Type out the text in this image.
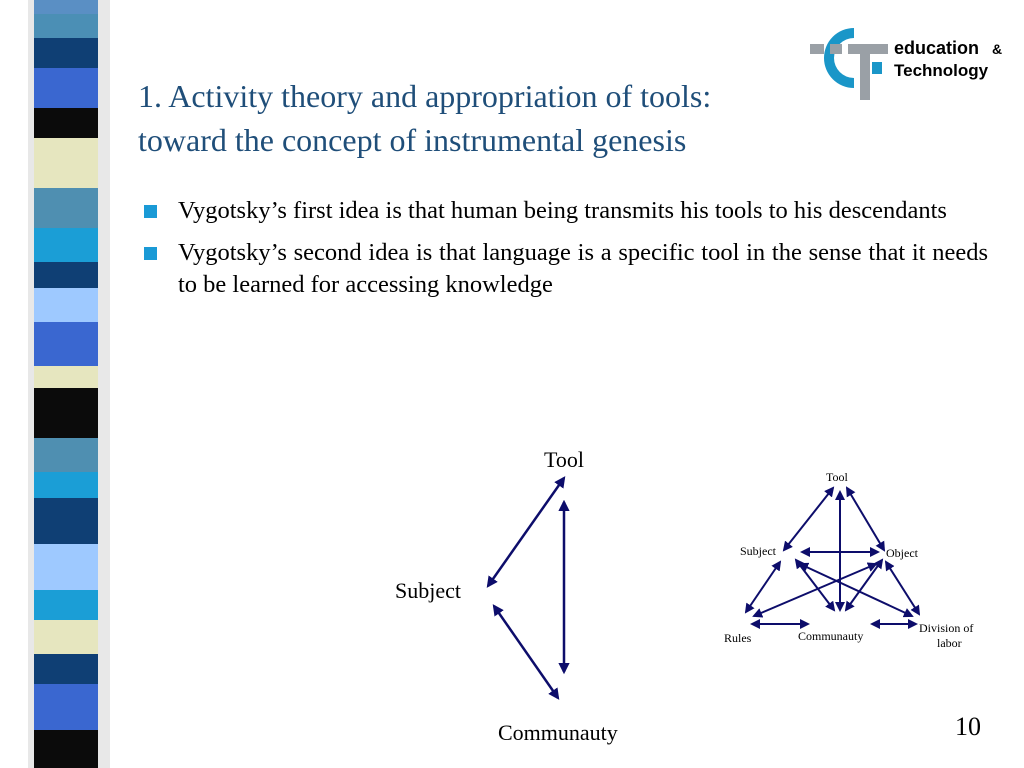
education &
Technology
1. Activity theory and appropriation of tools:
toward the concept of instrumental genesis
Vygotsky’s first idea is that human being transmits his tools to his descendants
Vygotsky’s second idea is that language is a specific tool in the sense that it needs to be learned for accessing knowledge
Tool
Subject
Communauty
Tool
Subject	Object
Rules	Communauty
Division of
labor
10
